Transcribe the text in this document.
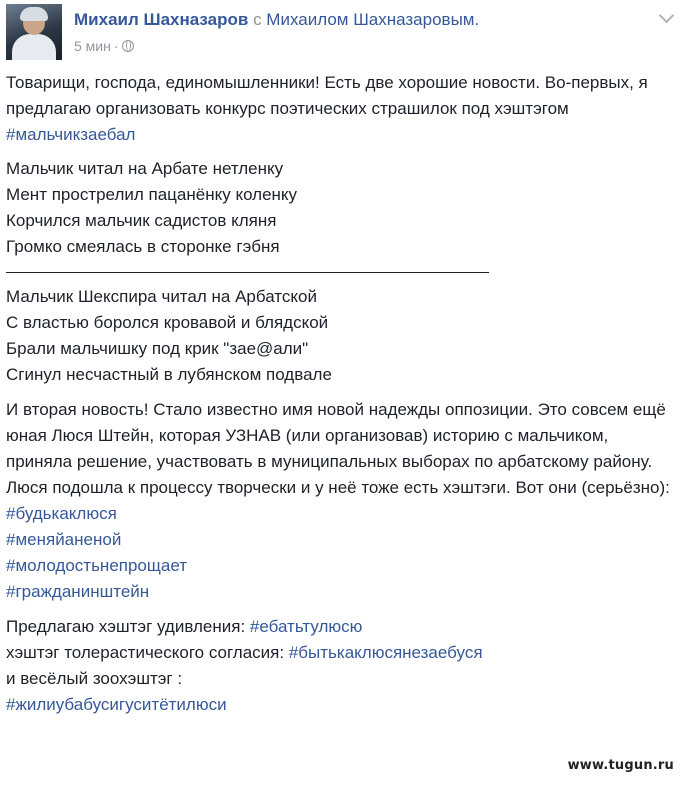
Михаил Шахназаров с Михаилом Шахназаровым.
5 мин ·

Товарищи, господа, единомышленники! Есть две хорошие новости. Во-первых, я предлагаю организовать конкурс поэтических страшилок под хэштэгом #мальчикзаебал

Мальчик читал на Арбате нетленку

Мент прострелил пацанёнку коленку

Корчился мальчик садистов кляня

Громко смеялась в сторонке гэбня

Мальчик Шекспира читал на Арбатской

С властью боролся кровавой и блядской

Брали мальчишку под крик "зае@али"

Сгинул несчастный в лубянском подвале

И вторая новость! Стало известно имя новой надежды оппозиции. Это совсем ещё юная Люся Штейн, которая УЗНАВ (или организовав) историю с мальчиком, приняла решение, участвовать в муниципальных выборах по арбатскому району. Люся подошла к процессу творчески и у неё тоже есть хэштэги. Вот они (серьёзно):

#будькаклюся

#меняйаненой

#молодостьнепрощает

#гражданинштейн

Предлагаю хэштэг удивления: #ебатьтулюсю

хэштэг толерастического согласия: #бытькаклюсянезаебуся

и весёлый зоохэштэг :

#жилиубабусигуситётилюси

www.tugun.ru
